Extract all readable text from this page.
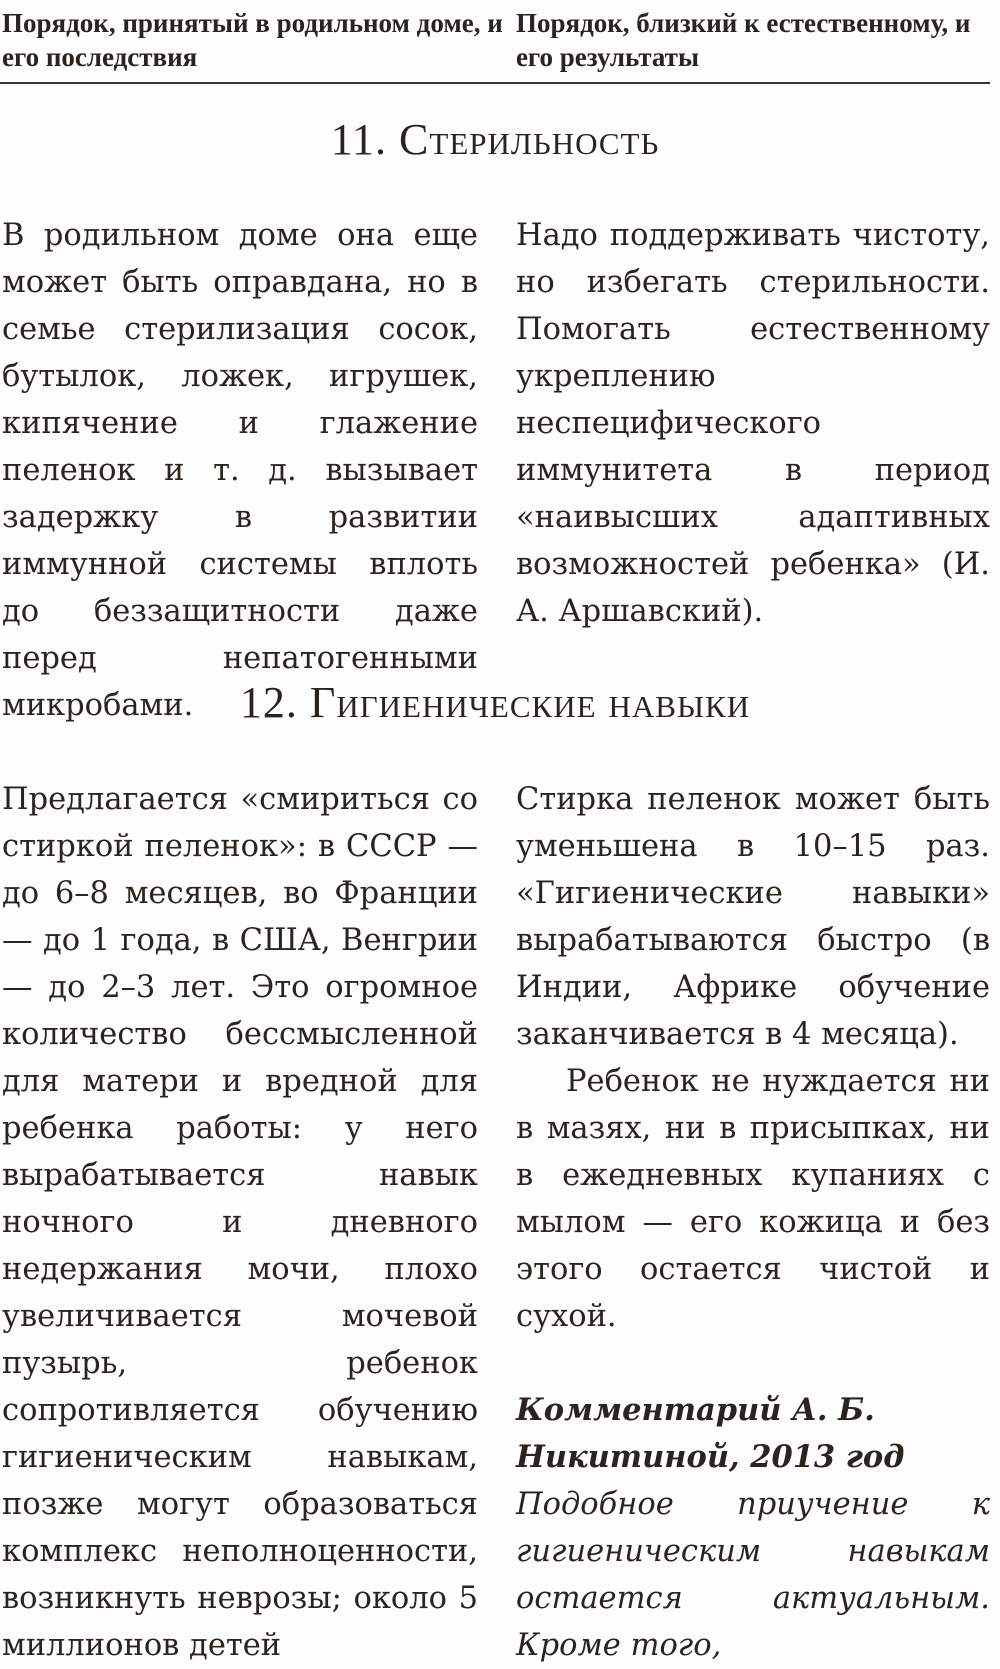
Порядок, принятый в родильном доме, и его последствия
Порядок, близкий к естественному, и его результаты
11. Стерильность

В родильном доме она еще может быть оправдана, но в семье стерилизация сосок, бутылок, ложек, игрушек, кипячение и глажение пеленок и т. д. вызывает задержку в развитии иммунной системы вплоть до беззащитности даже перед непатогенными микробами.

Надо поддерживать чистоту, но избегать стерильности. Помогать естественному укреплению неспецифического иммунитета в период «наивысших адаптивных возможностей ребенка» (И. А. Аршавский).

12. Гигиенические навыки

Предлагается «смириться со стиркой пеленок»: в СССР — до 6–8 месяцев, во Франции — до 1 года, в США, Венгрии — до 2–3 лет. Это огромное количество бессмысленной для матери и вредной для ребенка работы: у него вырабатывается навык ночного и дневного недержания мочи, плохо увеличивается мочевой пузырь, ребенок сопротивляется обучению гигиеническим навыкам, позже могут образоваться комплекс неполноценности, возникнуть неврозы; около 5 миллионов детей

Стирка пеленок может быть уменьшена в 10–15 раз. «Гигиенические навыки» вырабатываются быстро (в Индии, Африке обучение заканчивается в 4 месяца).

Ребенок не нуждается ни в мазях, ни в присыпках, ни в ежедневных купаниях с мылом — его кожица и без этого остается чистой и сухой.

Комментарий А. Б. Никитиной, 2013 год

Подобное приучение к гигиеническим навыкам остается актуальным. Кроме того,
